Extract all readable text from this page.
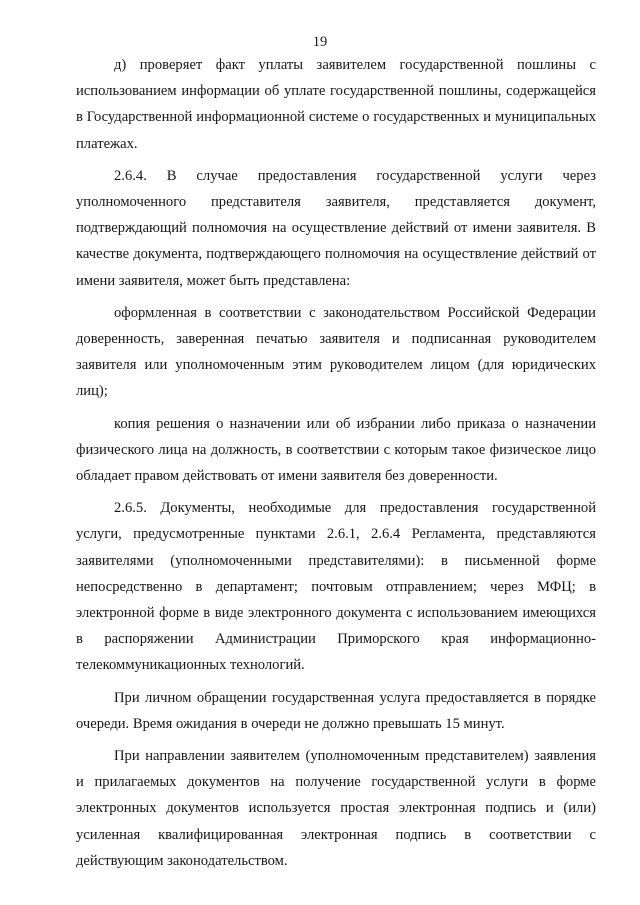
19

д) проверяет факт уплаты заявителем государственной пошлины с использованием информации об уплате государственной пошлины, содержащейся в Государственной информационной системе о государственных и муниципальных платежах.

2.6.4. В случае предоставления государственной услуги через уполномоченного представителя заявителя, представляется документ, подтверждающий полномочия на осуществление действий от имени заявителя. В качестве документа, подтверждающего полномочия на осуществление действий от имени заявителя, может быть представлена:

оформленная в соответствии с законодательством Российской Федерации доверенность, заверенная печатью заявителя и подписанная руководителем заявителя или уполномоченным этим руководителем лицом (для юридических лиц);

копия решения о назначении или об избрании либо приказа о назначении физического лица на должность, в соответствии с которым такое физическое лицо обладает правом действовать от имени заявителя без доверенности.

2.6.5. Документы, необходимые для предоставления государственной услуги, предусмотренные пунктами 2.6.1, 2.6.4 Регламента, представляются заявителями (уполномоченными представителями): в письменной форме непосредственно в департамент; почтовым отправлением; через МФЦ; в электронной форме в виде электронного документа с использованием имеющихся в распоряжении Администрации Приморского края информационно-телекоммуникационных технологий.

При личном обращении государственная услуга предоставляется в порядке очереди. Время ожидания в очереди не должно превышать 15 минут.

При направлении заявителем (уполномоченным представителем) заявления и прилагаемых документов на получение государственной услуги в форме электронных документов используется простая электронная подпись и (или) усиленная квалифицированная электронная подпись в соответствии с действующим законодательством.
